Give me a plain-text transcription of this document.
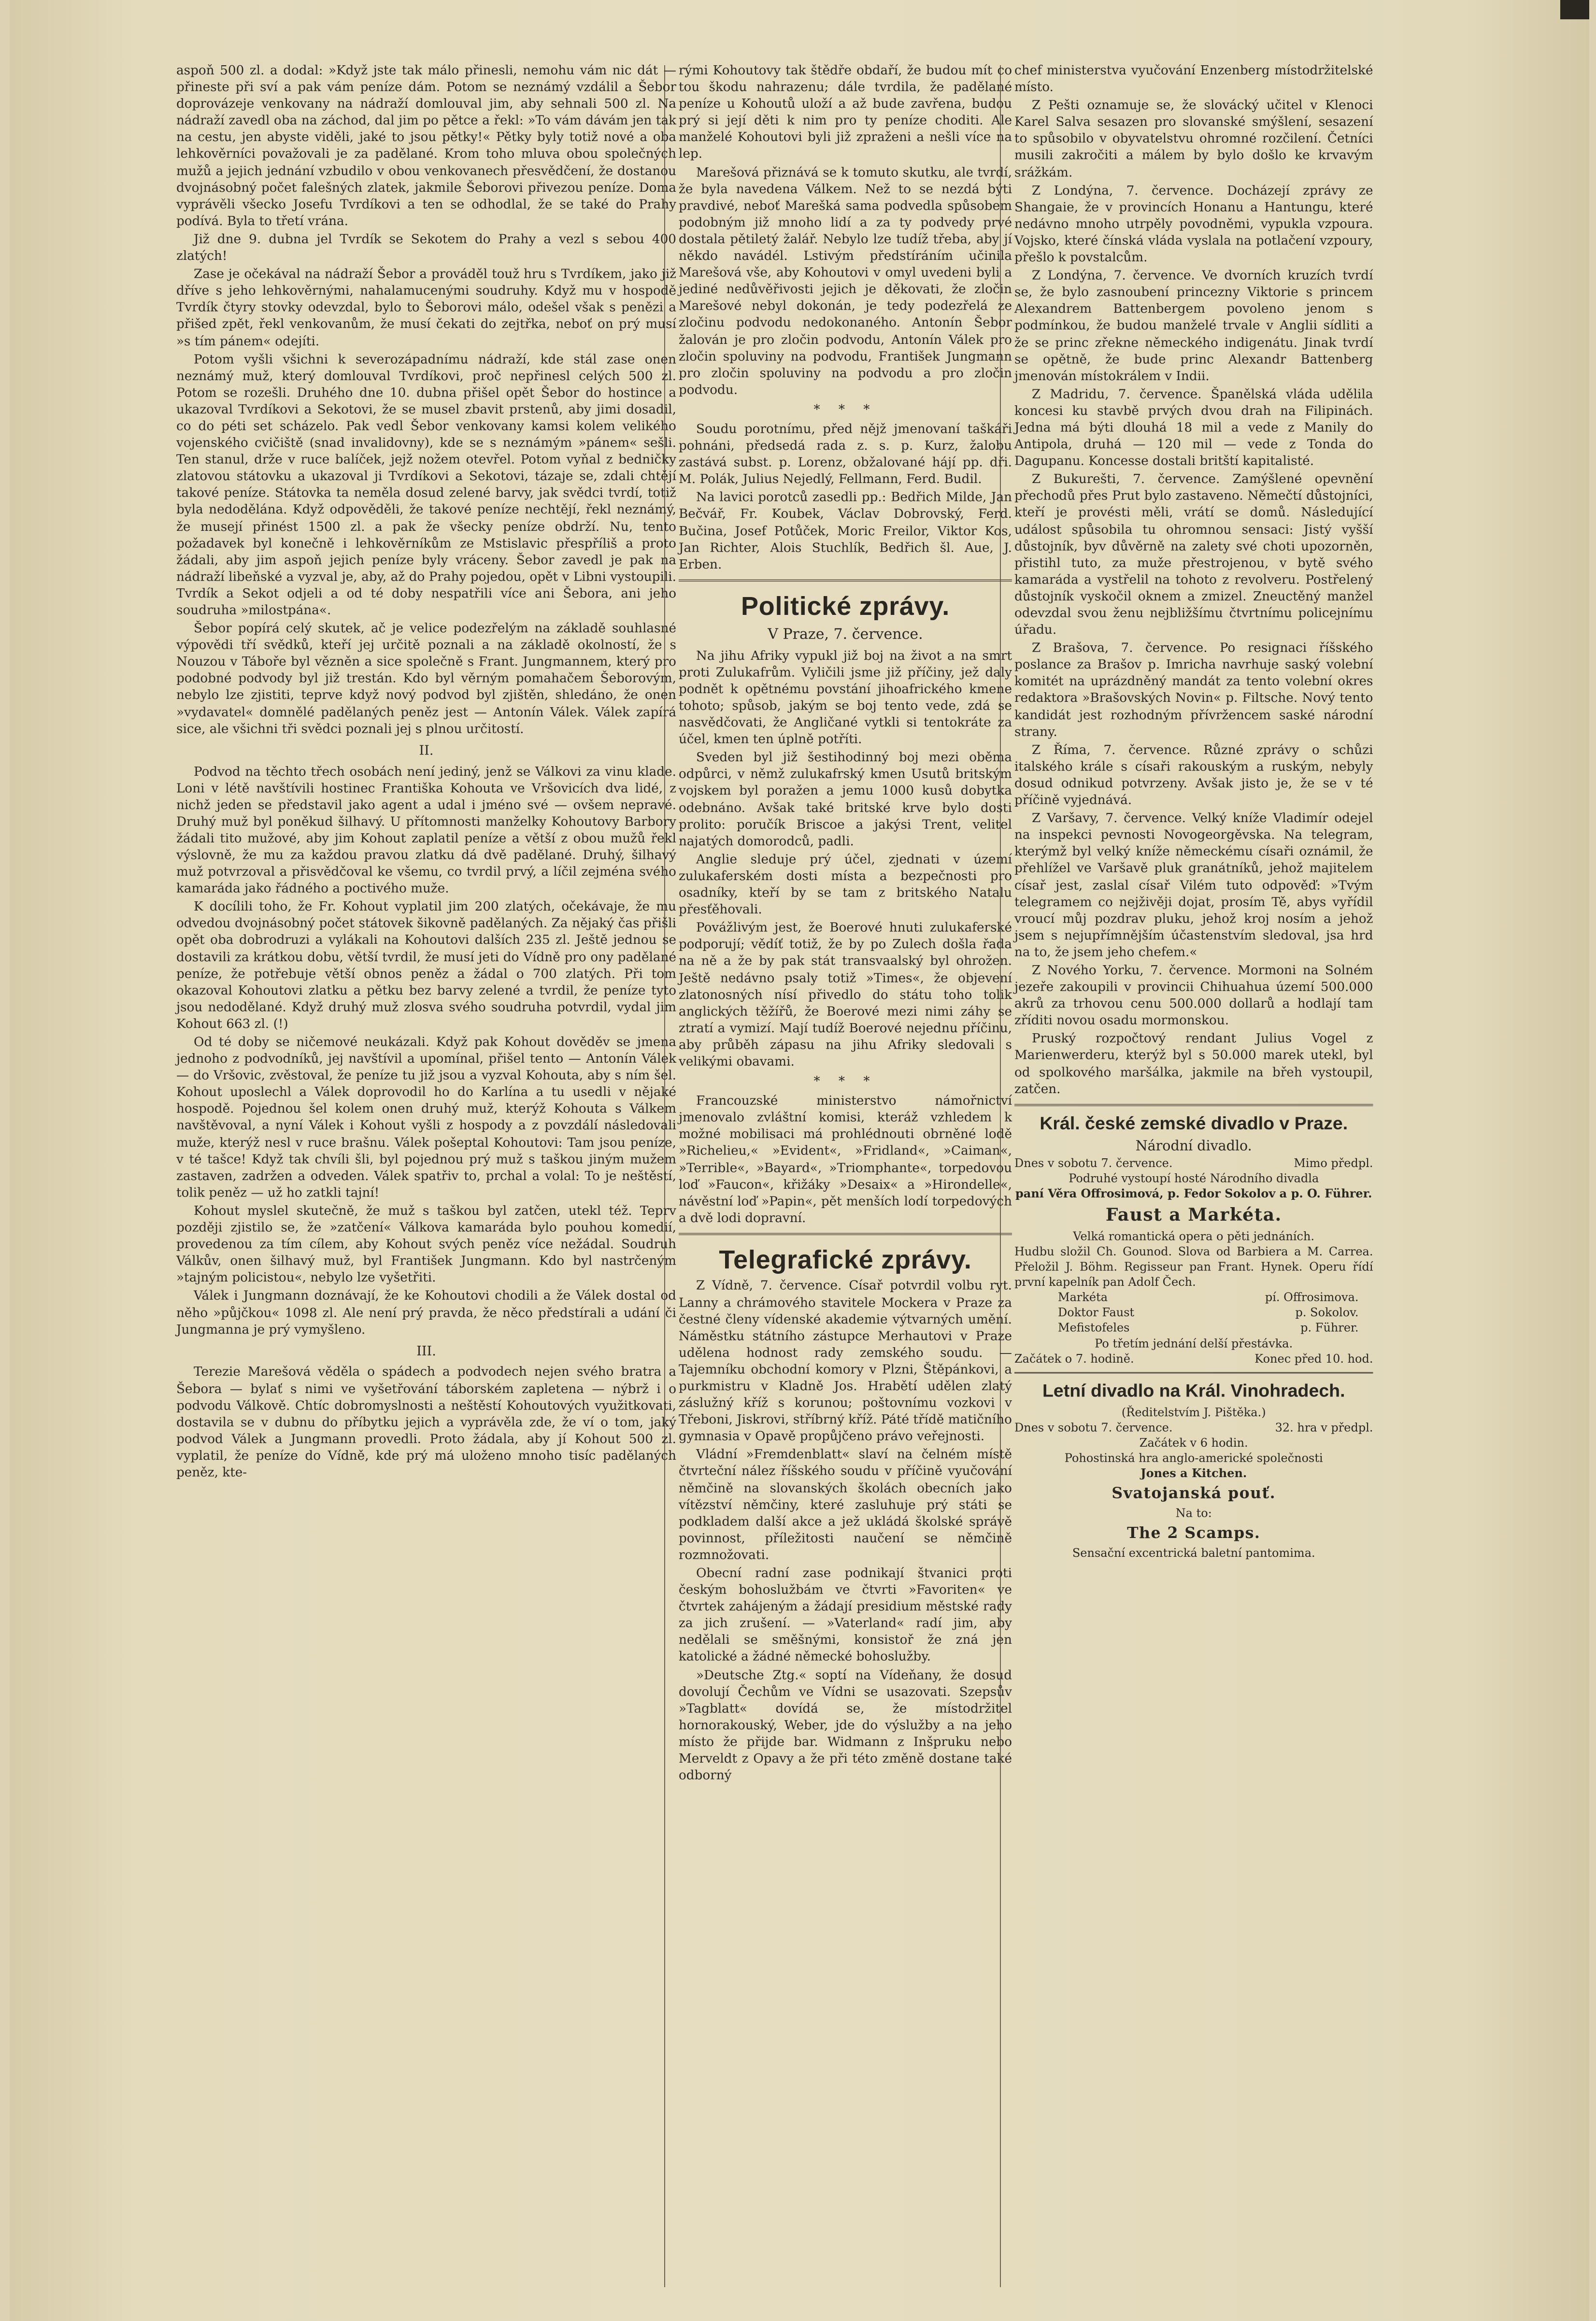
aspoň 500 zl. a dodal: »Když jste tak málo přinesli, nemohu vám nic dát — přineste při sví a pak vám peníze dám. Potom se neznámý vzdálil a Šebor doprovázeje venkovany na nádraží domlouval jim, aby sehnali 500 zl. Na nádraží zavedl oba na záchod, dal jim po pětce a řekl: »To vám dávám jen tak na cestu, jen abyste viděli, jaké to jsou pětky!« Pětky byly totiž nové a oba lehkověrníci považovali je za padělané. Krom toho mluva obou společných mužů a jejich jednání vzbudilo v obou venkovanech přesvědčení, že dostanou dvojnásobný počet falešných zlatek, jakmile Šeborovi přivezou peníze. Doma vyprávěli všecko Josefu Tvrdíkovi a ten se odhodlal, že se také do Prahy podívá. Byla to třetí vrána.

Již dne 9. dubna jel Tvrdík se Sekotem do Prahy a vezl s sebou 400 zlatých!

Zase je očekával na nádraží Šebor a prováděl touž hru s Tvrdíkem, jako již dříve s jeho lehkověrnými, nahalamucenými soudruhy. Když mu v hospodě Tvrdík čtyry stovky odevzdal, bylo to Šeborovi málo, odešel však s penězi a přišed zpět, řekl venkovanům, že musí čekati do zejtřka, neboť on prý musí »s tím pánem« odejíti.

Potom vyšli všichni k severozápadnímu nádraží, kde stál zase onen neznámý muž, který domlouval Tvrdíkovi, proč nepřinesl celých 500 zl. Potom se rozešli. Druhého dne 10. dubna přišel opět Šebor do hostince a ukazoval Tvrdíkovi a Sekotovi, že se musel zbavit prstenů, aby jimi dosadil, co do péti set scházelo. Pak vedl Šebor venkovany kamsi kolem velikého vojenského cvičiště (snad invalidovny), kde se s neznámým »pánem« sešli. Ten stanul, drže v ruce balíček, jejž nožem otevřel. Potom vyňal z bedničky zlatovou státovku a ukazoval ji Tvrdíkovi a Sekotovi, tázaje se, zdali chtějí takové peníze. Státovka ta neměla dosud zelené barvy, jak svědci tvrdí, totiž byla nedodělána. Když odpověděli, že takové peníze nechtějí, řekl neznámý, že musejí přinést 1500 zl. a pak že všecky peníze obdrží. Nu, tento požadavek byl konečně i lehkověrníkům ze Mstislavic přespříliš a proto žádali, aby jim aspoň jejich peníze byly vráceny. Šebor zavedl je pak na nádraží libeňské a vyzval je, aby, až do Prahy pojedou, opět v Libni vystoupili. Tvrdík a Sekot odjeli a od té doby nespatřili více ani Šebora, ani jeho soudruha »milostpána«.

Šebor popírá celý skutek, ač je velice podezřelým na základě souhlasné výpovědi tří svědků, kteří jej určitě poznali a na základě okolností, že s Nouzou v Táboře byl vězněn a sice společně s Frant. Jungmannem, který pro podobné podvody byl již trestán. Kdo byl věrným pomahačem Šeborovým, nebylo lze zjistiti, teprve když nový podvod byl zjištěn, shledáno, že onen »vydavatel« domnělé padělaných peněz jest — Antonín Válek. Válek zapírá sice, ale všichni tři svědci poznali jej s plnou určitostí.

II.

Podvod na těchto třech osobách není jediný, jenž se Válkovi za vinu klade. Loni v létě navštívili hostinec Františka Kohouta ve Vršovicích dva lidé, z nichž jeden se představil jako agent a udal i jméno své — ovšem nepravé. Druhý muž byl poněkud šilhavý. U přítomnosti manželky Kohoutovy Barbory žádali tito mužové, aby jim Kohout zaplatil peníze a větší z obou mužů řekl výslovně, že mu za každou pravou zlatku dá dvě padělané. Druhý, šilhavý muž potvrzoval a přisvědčoval ke všemu, co tvrdil prvý, a líčil zejména svého kamaráda jako řádného a poctivého muže.

K docílili toho, že Fr. Kohout vyplatil jim 200 zlatých, očekávaje, že mu odvedou dvojnásobný počet státovek šikovně padělaných. Za nějaký čas přišli opět oba dobrodruzi a vylákali na Kohoutovi dalších 235 zl. Ještě jednou se dostavili za krátkou dobu, větší tvrdil, že musí jeti do Vídně pro ony padělané peníze, že potřebuje větší obnos peněz a žádal o 700 zlatých. Při tom okazoval Kohoutovi zlatku a pětku bez barvy zelené a tvrdil, že peníze tyto jsou nedodělané. Když druhý muž zlosva svého soudruha potvrdil, vydal jim Kohout 663 zl. (!)

Od té doby se ničemové neukázali. Když pak Kohout dověděv se jmena jednoho z podvodníků, jej navštívil a upomínal, přišel tento — Antonín Válek — do Vršovic, zvěstoval, že peníze tu již jsou a vyzval Kohouta, aby s ním šel. Kohout uposlechl a Válek doprovodil ho do Karlína a tu usedli v nějaké hospodě. Pojednou šel kolem onen druhý muž, kterýž Kohouta s Válkem navštěvoval, a nyní Válek i Kohout vyšli z hospody a z povzdálí následovali muže, kterýž nesl v ruce brašnu. Válek pošeptal Kohoutovi: Tam jsou peníze, v té tašce! Když tak chvíli šli, byl pojednou prý muž s taškou jiným mužem zastaven, zadržen a odveden. Válek spatřiv to, prchal a volal: To je neštěstí, tolik peněz — už ho zatkli tajní!

Kohout myslel skutečně, že muž s taškou byl zatčen, utekl též. Teprv později zjistilo se, že »zatčení« Válkova kamaráda bylo pouhou komedií, provedenou za tím cílem, aby Kohout svých peněz více nežádal. Soudruh Válkův, onen šilhavý muž, byl František Jungmann. Kdo byl nastrčeným »tajným policistou«, nebylo lze vyšetřiti.

Válek i Jungmann doznávají, že ke Kohoutovi chodili a že Válek dostal od něho »půjčkou« 1098 zl. Ale není prý pravda, že něco předstírali a udání či Jungmanna je prý vymyšleno.

III.

Terezie Marešová věděla o spádech a podvodech nejen svého bratra a Šebora — bylať s nimi ve vyšetřování táborském zapletena — nýbrž i o podvodu Válkově. Chtíc dobromyslnosti a neštěstí Kohoutových využitkovati, dostavila se v dubnu do příbytku jejich a vyprávěla zde, že ví o tom, jaký podvod Válek a Jungmann provedli. Proto žádala, aby jí Kohout 500 zl. vyplatil, že peníze do Vídně, kde prý má uloženo mnoho tisíc padělaných peněz, kte-

rými Kohoutovy tak štědře obdaří, že budou mít co tou škodu nahrazenu; dále tvrdila, že padělané peníze u Kohoutů uloží a až bude zavřena, budou prý si její děti k nim pro ty peníze choditi. Ale manželé Kohoutovi byli již zpraženi a nešli více na lep.

Marešová přiznává se k tomuto skutku, ale tvrdí, že byla navedena Válkem. Než to se nezdá býti pravdivé, neboť Marešká sama podvedla spůsobem podobným již mnoho lidí a za ty podvedy prvé dostala pětiletý žalář. Nebylo lze tudíž třeba, aby jí někdo navádél. Lstivým předstíráním učinila Marešová vše, aby Kohoutovi v omyl uvedeni byli a jediné nedůvěřivosti jejich je děkovati, že zločin Marešové nebyl dokonán, je tedy podezřelá ze zločinu podvodu nedokonaného. Antonín Šebor žalován je pro zločin podvodu, Antonín Válek pro zločin spoluviny na podvodu, František Jungmann pro zločin spoluviny na podvodu a pro zločin podvodu.

* * *

Soudu porotnímu, před nějž jmenovaní taškáři pohnáni, předsedá rada z. s. p. Kurz, žalobu zastává subst. p. Lorenz, obžalované hájí pp. dři. M. Polák, Julius Nejedlý, Fellmann, Ferd. Budil.

Na lavici porotců zasedli pp.: Bedřich Milde, Jan Bečvář, Fr. Koubek, Václav Dobrovský, Ferd. Bučina, Josef Potůček, Moric Freilor, Viktor Kos, Jan Richter, Alois Stuchlík, Bedřich šl. Aue, J. Erben.

Politické zprávy.
V Praze, 7. července.

Na jihu Afriky vypukl již boj na život a na smrt proti Zulukafrům. Vyličili jsme již příčiny, jež daly podnět k opětnému povstání jihoafrického kmene tohoto; spůsob, jakým se boj tento vede, zdá se nasvědčovati, že Angličané vytkli si tentokráte za účel, kmen ten úplně potříti.

Sveden byl již šestihodinný boj mezi oběma odpůrci, v němž zulukafrský kmen Usutů britským vojskem byl poražen a jemu 1000 kusů dobytka odebnáno. Avšak také britské krve bylo dosti prolito: poručík Briscoe a jakýsi Trent, velitel najatých domorodců, padli.

Anglie sleduje prý účel, zjednati v území zulukaferském dosti místa a bezpečnosti pro osadníky, kteří by se tam z britského Natalu přesťěhovali.

Povážlivým jest, že Boerové hnuti zulukaferské podporují; vědíť totiž, že by po Zulech došla řada na ně a že by pak stát transvaalský byl ohrožen. Ještě nedávno psaly totiž »Times«, že objevení zlatonosných nísí přivedlo do státu toho tolik anglických těžířů, že Boerové mezi nimi záhy se ztratí a vymizí. Mají tudíž Boerové nejednu příčinu, aby průběh zápasu na jihu Afriky sledovali s velikými obavami.

* * *

Francouzské ministerstvo námořnictví jmenovalo zvláštní komisi, kteráž vzhledem k možné mobilisaci má prohlédnouti obrněné lodě »Richelieu,« »Evident«, »Fridland«, »Caiman«, »Terrible«, »Bayard«, »Triomphante«, torpedovou loď »Faucon«, křižáky »Desaix« a »Hirondelle«, návěstní loď »Papin«, pět menších lodí torpedových a dvě lodi dopravní.

Telegrafické zprávy.

Z Vídně, 7. července. Císař potvrdil volbu ryt. Lanny a chrámového stavitele Mockera v Praze za čestné členy vídenské akademie výtvarných umění. Náměstku státního zástupce Merhautovi v Praze udělena hodnost rady zemského soudu. — Tajemníku obchodní komory v Plzni, Štěpánkovi, a purkmistru v Kladně Jos. Hrabětí udělen zlatý záslužný kříž s korunou; poštovnímu vozkovi v Třeboni, Jiskrovi, stříbrný kříž. Páté třídě matičního gymnasia v Opavě propůjčeno právo veřejnosti.

Vládní »Fremdenblatt« slaví na čelném místě čtvrteční nález říšského soudu v příčině vyučování němčině na slovanských školách obecních jako vítězství němčiny, které zasluhuje prý státi se podkladem další akce a jež ukládá školské správě povinnost, příležitosti naučení se němčině rozmnožovati.

Obecní radní zase podnikají štvanici proti českým bohoslužbám ve čtvrti »Favoriten« ve čtvrtek zahájeným a žádají presidium městské rady za jich zrušení. — »Vaterland« radí jim, aby nedělali se směšnými, konsistoř že zná jen katolické a žádné německé bohoslužby.

»Deutsche Ztg.« soptí na Vídeňany, že dosud dovolují Čechům ve Vídni se usazovati. Szepsův »Tagblatt« dovídá se, že místodržitel hornorakouský, Weber, jde do výslužby a na jeho místo že přijde bar. Widmann z Inšpruku nebo Merveldt z Opavy a že při této změně dostane také odborný

chef ministerstva vyučování Enzenberg místodržitelské místo.

Z Pešti oznamuje se, že slovácký učitel v Klenoci Karel Salva sesazen pro slovanské smýšlení, sesazení to spůsobilo v obyvatelstvu ohromné rozčilení. Četníci musili zakročiti a málem by bylo došlo ke krvavým srážkám.

Z Londýna, 7. července. Docházejí zprávy ze Shangaie, že v provincích Honanu a Hantungu, které nedávno mnoho utrpěly povodněmi, vypukla vzpoura. Vojsko, které čínská vláda vyslala na potlačení vzpoury, přešlo k povstalcům.

Z Londýna, 7. července. Ve dvorních kruzích tvrdí se, že bylo zasnoubení princezny Viktorie s princem Alexandrem Battenbergem povoleno jenom s podmínkou, že budou manželé trvale v Anglii sídliti a že se princ zřekne německého indigenátu. Jinak tvrdí se opětně, že bude princ Alexandr Battenberg jmenován místokrálem v Indii.

Z Madridu, 7. července. Španělská vláda udělila koncesi ku stavbě prvých dvou drah na Filipinách. Jedna má býti dlouhá 18 mil a vede z Manily do Antipola, druhá — 120 mil — vede z Tonda do Dagupanu. Koncesse dostali britští kapitalisté.

Z Bukurešti, 7. července. Zamýšlené opevnění přechodů přes Prut bylo zastaveno. Němečtí důstojníci, kteří je provésti měli, vrátí se domů. Následující událost spůsobila tu ohromnou sensaci: Jistý vyšší důstojník, byv důvěrně na zalety své choti upozorněn, přistihl tuto, za muže přestrojenou, v bytě svého kamaráda a vystřelil na tohoto z revolveru. Postřelený důstojník vyskočil oknem a zmizel. Zneuctěný manžel odevzdal svou ženu nejbližšímu čtvrtnímu policejnímu úřadu.

Z Brašova, 7. července. Po resignaci říšského poslance za Brašov p. Imricha navrhuje saský volební komitét na uprázdněný mandát za tento volební okres redaktora »Brašovských Novin« p. Filtsche. Nový tento kandidát jest rozhodným přívržencem saské národní strany.

Z Říma, 7. července. Různé zprávy o schůzi italského krále s císaři rakouským a ruským, nebyly dosud odnikud potvrzeny. Avšak jisto je, že se v té příčině vyjednává.

Z Varšavy, 7. července. Velký kníže Vladimír odejel na inspekci pevnosti Novogeorgěvska. Na telegram, kterýmž byl velký kníže německému císaři oznámil, že přehlížel ve Varšavě pluk granátníků, jehož majitelem císař jest, zaslal císař Vilém tuto odpověď: »Tvým telegramem co nejživěji dojat, prosím Tě, abys vyřídil vroucí můj pozdrav pluku, jehož kroj nosím a jehož jsem s nejupřímnějším účastenstvím sledoval, jsa hrd na to, že jsem jeho chefem.«

Z Nového Yorku, 7. července. Mormoni na Solném jezeře zakoupili v provincii Chihuahua území 500.000 akrů za trhovou cenu 500.000 dollarů a hodlají tam zříditi novou osadu mormonskou.

Pruský rozpočtový rendant Julius Vogel z Marienwerderu, kterýž byl s 50.000 marek utekl, byl od spolkového maršálka, jakmile na břeh vystoupil, zatčen.

Král. české zemské divadlo v Praze.
Národní divadlo.
Dnes v sobotu 7. července.	Mimo předpl.
Podruhé vystoupí hosté Národního divadla
paní Věra Offrosimová, p. Fedor Sokolov a p. O. Führer.
Faust a Markéta.
Velká romantická opera o pěti jednáních.
Hudbu složil Ch. Gounod. Slova od Barbiera a M. Carrea. Přeložil J. Böhm. Regisseur pan Frant. Hynek. Operu řídí první kapelník pan Adolf Čech.
Markéta	pí. Offrosimova.
Doktor Faust	p. Sokolov.
Mefistofeles	p. Führer.
Po třetím jednání delší přestávka.
Začátek o 7. hodině.	Konec před 10. hod.
Letní divadlo na Král. Vinohradech.
(Ředitelstvím J. Pištěka.)
Dnes v sobotu 7. července.	32. hra v předpl.
Začátek v 6 hodin.
Pohostinská hra anglo-americké společnosti
Jones a Kitchen.
Svatojanská pouť.
Na to:
The 2 Scamps.
Sensační excentrická baletní pantomima.
